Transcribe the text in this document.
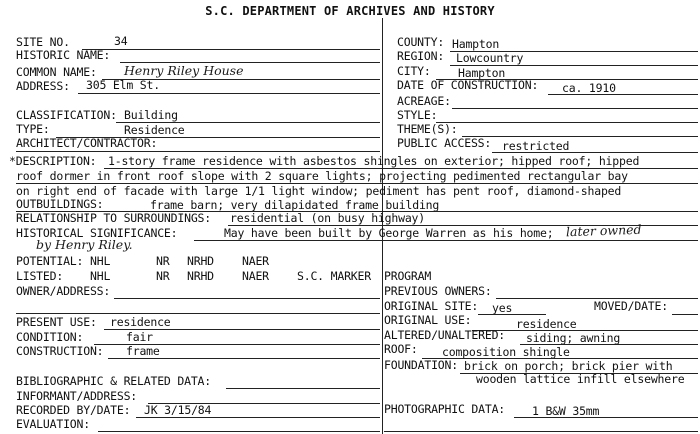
S.C. DEPARTMENT OF ARCHIVES AND HISTORY
SITE NO.	34
HISTORIC NAME:
COMMON NAME: Henry Riley House
ADDRESS: 305 Elm St.
COUNTY: Hampton
REGION: Lowcountry
CITY: Hampton
DATE OF CONSTRUCTION: ca. 1910
ACREAGE:
CLASSIFICATION: Building	STYLE:
TYPE:	Residence	THEME(S):
ARCHITECT/CONTRACTOR:	PUBLIC ACCESS: restricted
*DESCRIPTION: 1-story frame residence with asbestos shingles on exterior; hipped roof; hipped
roof dormer in front roof slope with 2 square lights; projecting pedimented rectangular bay
on right end of facade with large 1/1 light window; pediment has pent roof, diamond-shaped
OUTBUILDINGS:	frame barn; very dilapidated frame building
RELATIONSHIP TO SURROUNDINGS: residential (on busy highway)
HISTORICAL SIGNIFICANCE:	May have been built by George Warren as his home; later owned
by Henry Riley.
POTENTIAL: NHL	NR NRHD NAER
LISTED: NHL	NR NRHD NAER S.C. MARKER PROGRAM
PREVIOUS OWNERS:
OWNER/ADDRESS:
ORIGINAL SITE: yes	MOVED/DATE:
ORIGINAL USE:	residence
PRESENT USE: residence
CONDITION:	fair
CONSTRUCTION: frame
ALTERED/UNALTERED: siding; awning
ROOF: composition shingle
FOUNDATION: brick on porch; brick pier with
wooden lattice infill elsewhere
BIBLIOGRAPHIC & RELATED DATA:
INFORMANT/ADDRESS:
RECORDED BY/DATE: JK 3/15/84	PHOTOGRAPHIC DATA: 1 B&W 35mm
EVALUATION:
